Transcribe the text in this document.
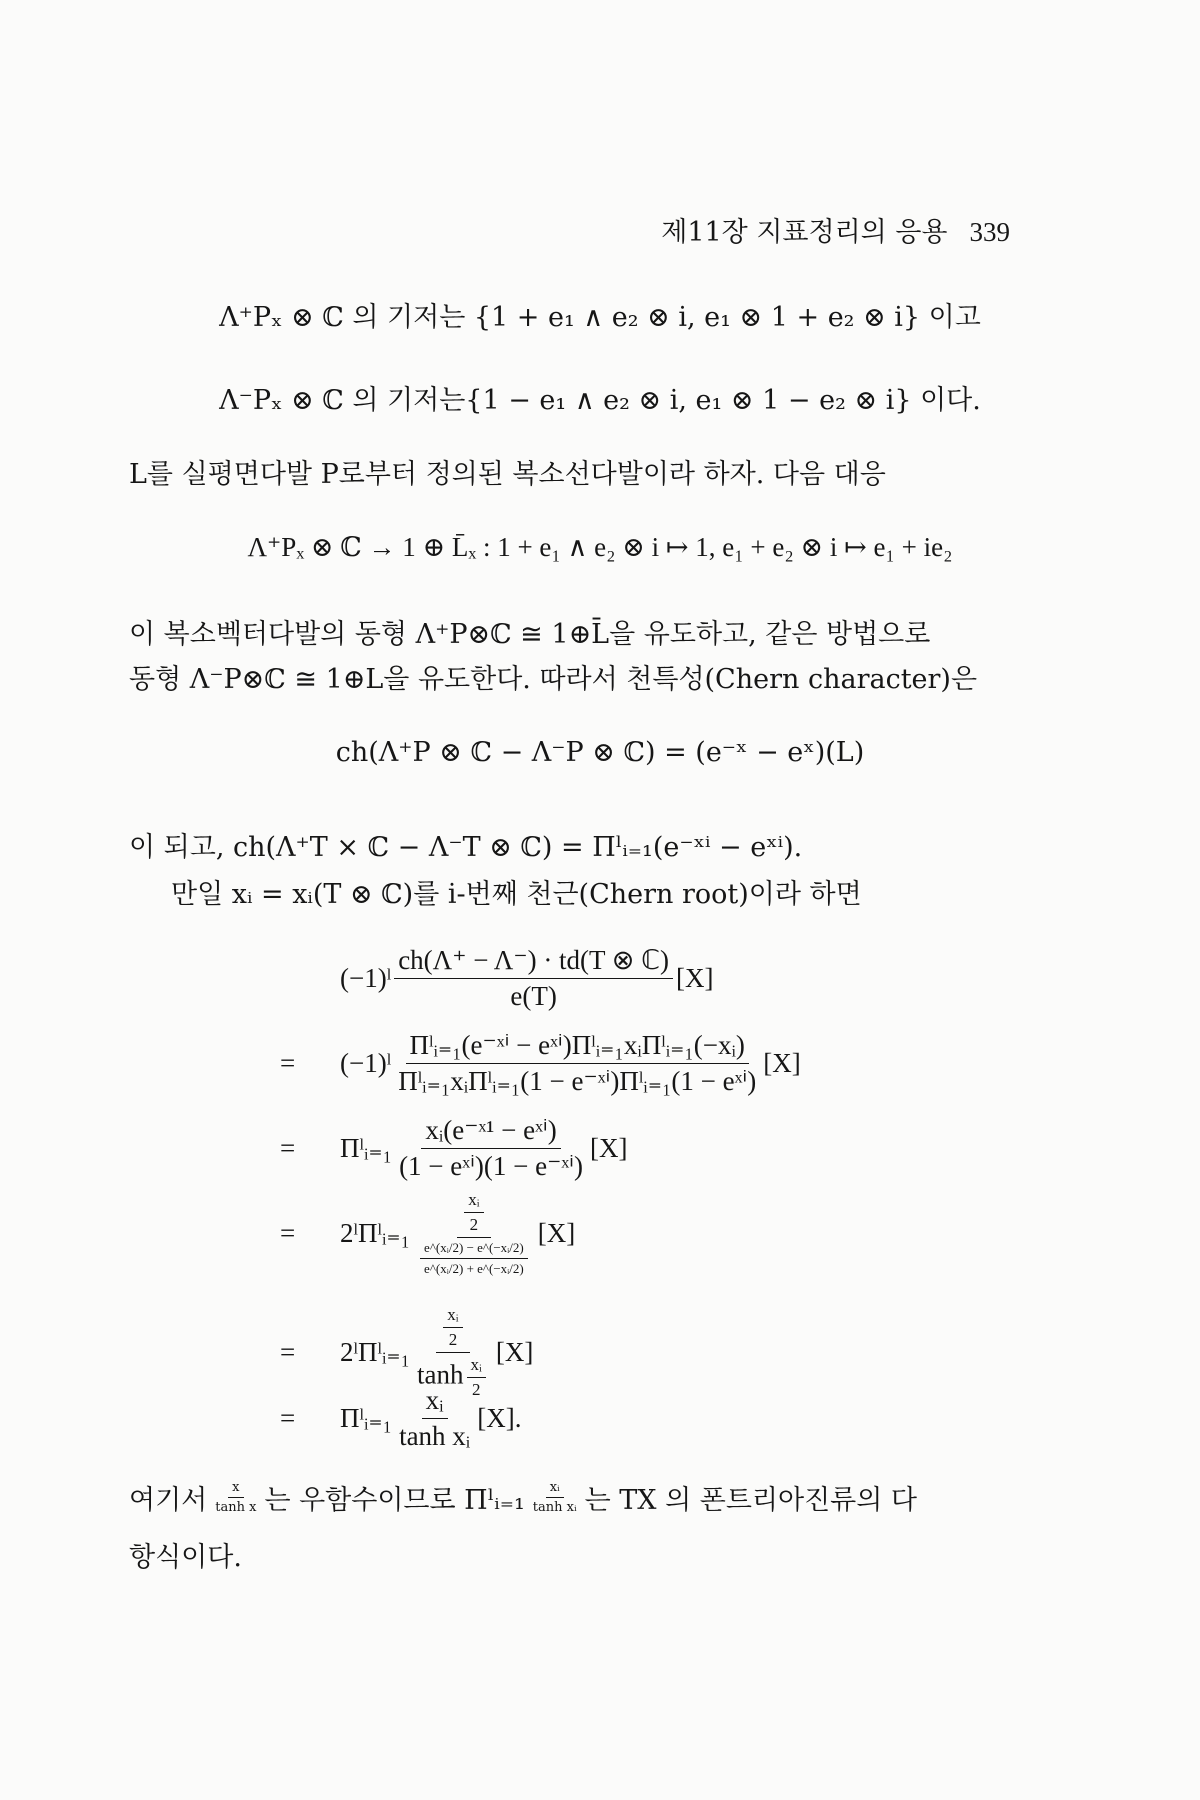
제11장 지표정리의 응용 339
Λ⁺Pₓ ⊗ ℂ 의 기저는 {1 + e₁ ∧ e₂ ⊗ i, e₁ ⊗ 1 + e₂ ⊗ i} 이고
Λ⁻Pₓ ⊗ ℂ 의 기저는{1 − e₁ ∧ e₂ ⊗ i, e₁ ⊗ 1 − e₂ ⊗ i} 이다.
L를 실평면다발 P로부터 정의된 복소선다발이라 하자. 다음 대응
Λ⁺Pₓ ⊗ ℂ → 1 ⊕ L̄ₓ : 1 + e₁ ∧ e₂ ⊗ i ↦ 1, e₁ + e₂ ⊗ i ↦ e₁ + ie₂
이 복소벡터다발의 동형 Λ⁺P⊗ℂ ≅ 1⊕L̄을 유도하고, 같은 방법으로
동형 Λ⁻P⊗ℂ ≅ 1⊕L을 유도한다. 따라서 천특성(Chern character)은
ch(Λ⁺P ⊗ ℂ − Λ⁻P ⊗ ℂ) = (e⁻ˣ − eˣ)(L)
이 되고, ch(Λ⁺T × ℂ − Λ⁻T ⊗ ℂ) = Πˡᵢ₌₁(e⁻ˣⁱ − eˣⁱ).
만일 xᵢ = xᵢ(T ⊗ ℂ)를 i-번째 천근(Chern root)이라 하면
(−1)ˡ $\frac{\text{ch(Λ⁺ − Λ⁻) · td(T ⊗ ℂ)}}{e(T)} [X]$
=	(−1)ˡ $\frac{\text{Πˡᵢ₌₁(e⁻ˣⁱ − eˣⁱ)Πˡᵢ₌₁xᵢΠˡᵢ₌₁(−xᵢ)}}{\text{Πˡᵢ₌₁xᵢΠˡᵢ₌₁(1 − e⁻ˣⁱ)Πˡᵢ₌₁(1 − eˣⁱ)}} [X]$
=	Πˡᵢ₌₁ $\frac{\text{xᵢ(e⁻ˣ¹ − eˣⁱ)}}{\text{(1 − eˣⁱ)(1 − e⁻ˣⁱ)}} [X]$
=	2ˡΠˡᵢ₌₁ $\frac{\frac{\text{xᵢ}}{2}}{\frac{\text{e\textasciicircum{}(xᵢ/2) − e\textasciicircum{}(−xᵢ/2)}}{\text{e\textasciicircum{}(xᵢ/2) + e\textasciicircum{}(−xᵢ/2)}}} [X]$
=	2ˡΠˡᵢ₌₁ $\frac{\frac{\text{xᵢ}}{2}}{\tanh \frac{\text{xᵢ}}{2}} [X]$
=	Πˡᵢ₌₁ $\frac{\text{xᵢ}}{\text{tanh xᵢ}} [X]$.
여기서 $\frac{x}{\text{tanh x}}$ 는 우함수이므로 Πˡᵢ₌₁ $\frac{\text{xᵢ}}{\text{tanh xᵢ}}$ 는 TX 의 폰트리아진류의 다
항식이다.
